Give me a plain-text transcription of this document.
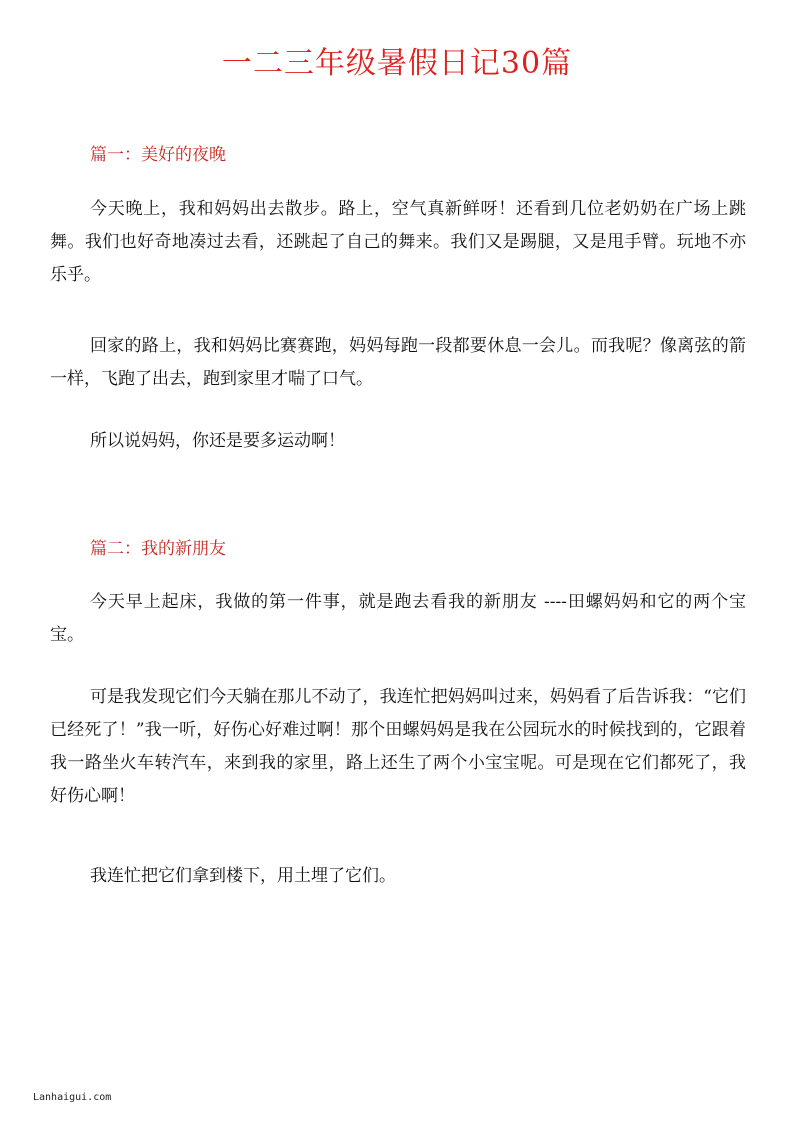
一二三年级暑假日记30篇
篇一：美好的夜晚

今天晚上，我和妈妈出去散步。路上，空气真新鲜呀！还看到几位老奶奶在广场上跳舞。我们也好奇地凑过去看，还跳起了自己的舞来。我们又是踢腿，又是甩手臂。玩地不亦乐乎。

回家的路上，我和妈妈比赛赛跑，妈妈每跑一段都要休息一会儿。而我呢？像离弦的箭一样，飞跑了出去，跑到家里才喘了口气。

所以说妈妈，你还是要多运动啊！

篇二：我的新朋友

今天早上起床，我做的第一件事，就是跑去看我的新朋友 ----田螺妈妈和它的两个宝宝。

可是我发现它们今天躺在那儿不动了，我连忙把妈妈叫过来，妈妈看了后告诉我：“它们已经死了！”我一听，好伤心好难过啊！那个田螺妈妈是我在公园玩水的时候找到的，它跟着我一路坐火车转汽车，来到我的家里，路上还生了两个小宝宝呢。可是现在它们都死了，我好伤心啊！

我连忙把它们拿到楼下，用土埋了它们。

Lanhaigui.com
